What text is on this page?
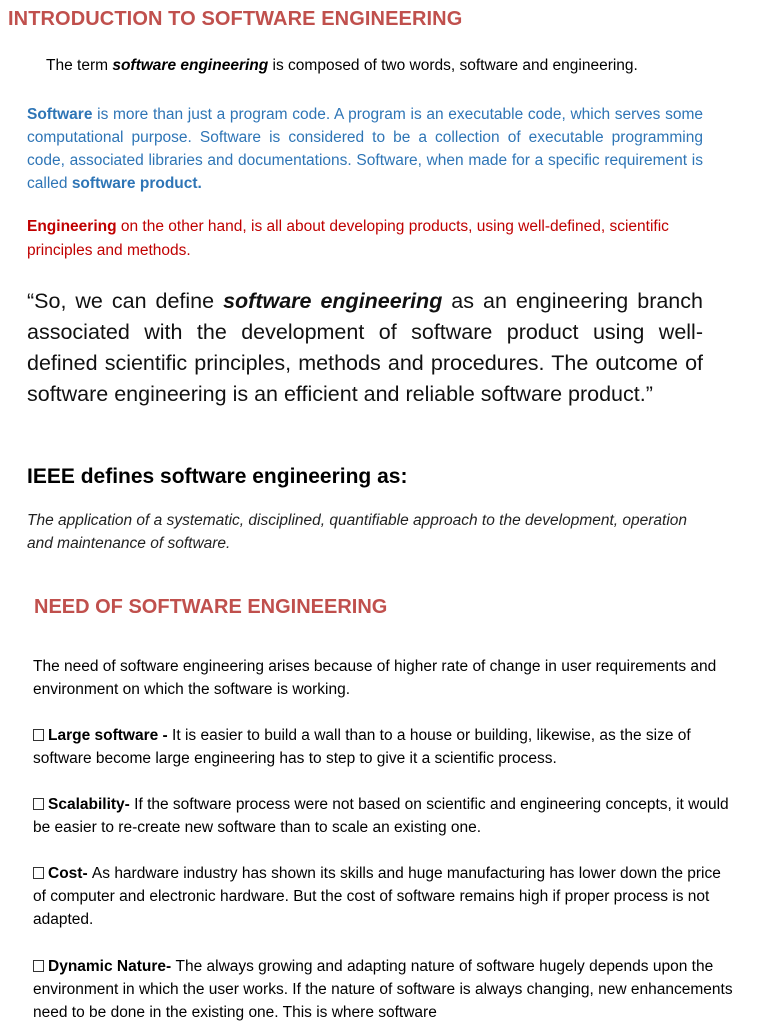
INTRODUCTION TO SOFTWARE ENGINEERING

The term software engineering is composed of two words, software and engineering.

Software is more than just a program code. A program is an executable code, which serves some computational purpose. Software is considered to be a collection of executable programming code, associated libraries and documentations. Software, when made for a specific requirement is called software product.

Engineering on the other hand, is all about developing products, using well-defined, scientific principles and methods.

“So, we can define software engineering as an engineering branch associated with the development of software product using well-defined scientific principles, methods and procedures. The outcome of software engineering is an efficient and reliable software product.”

IEEE defines software engineering as:

The application of a systematic, disciplined, quantifiable approach to the development, operation and maintenance of software.

NEED OF SOFTWARE ENGINEERING

The need of software engineering arises because of higher rate of change in user requirements and environment on which the software is working.

Large software - It is easier to build a wall than to a house or building, likewise, as the size of software become large engineering has to step to give it a scientific process.

Scalability- If the software process were not based on scientific and engineering concepts, it would be easier to re-create new software than to scale an existing one.

Cost- As hardware industry has shown its skills and huge manufacturing has lower down the price of computer and electronic hardware. But the cost of software remains high if proper process is not adapted.

Dynamic Nature- The always growing and adapting nature of software hugely depends upon the environment in which the user works. If the nature of software is always changing, new enhancements need to be done in the existing one. This is where software
